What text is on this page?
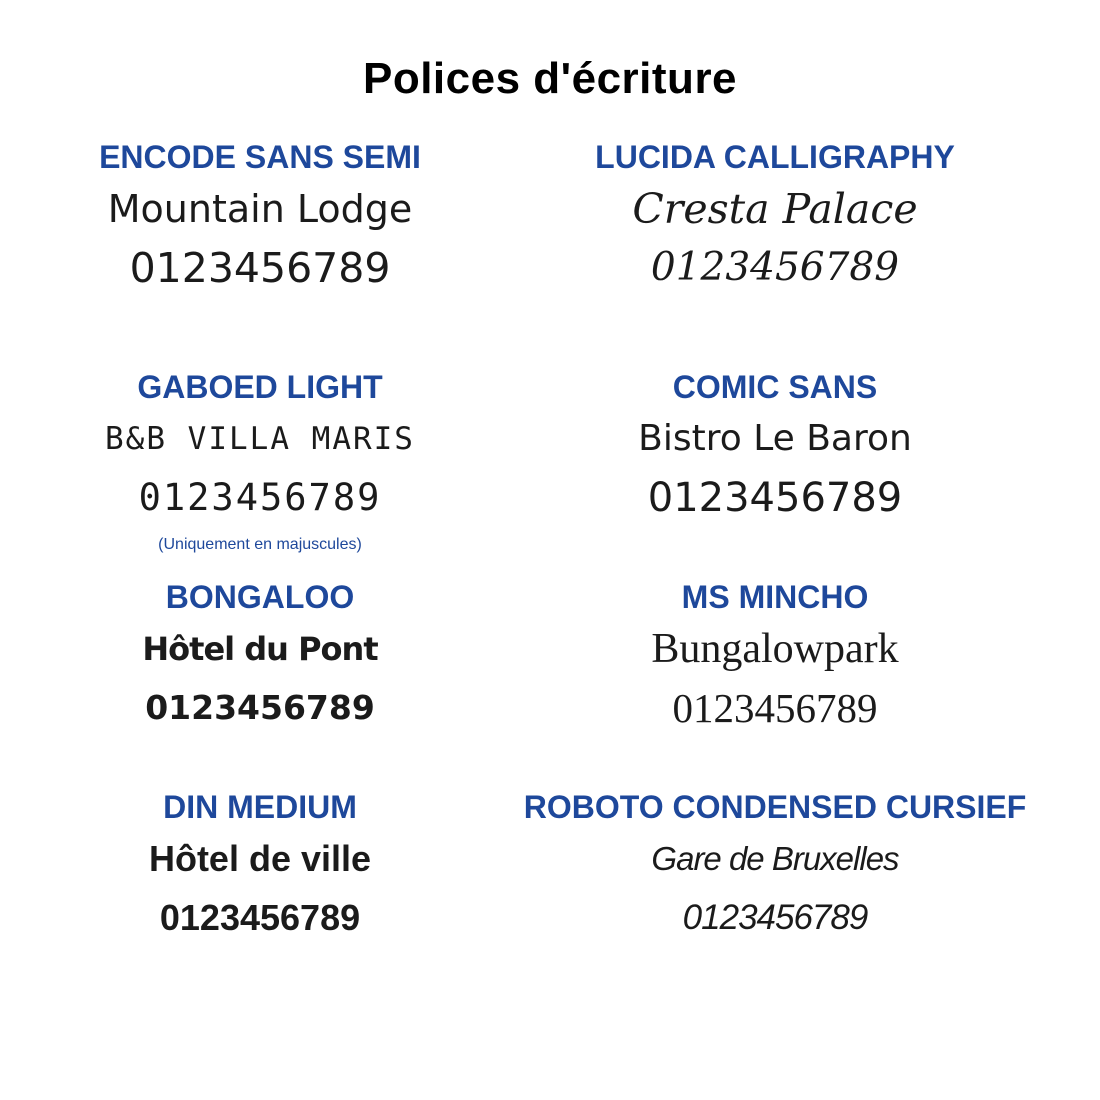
Polices d'écriture
ENCODE SANS SEMI
Mountain Lodge
0123456789
LUCIDA CALLIGRAPHY
Cresta Palace
0123456789
GABOED LIGHT
B&B VILLA MARIS
0123456789
(Uniquement en majuscules)
COMIC SANS
Bistro Le Baron
0123456789
BONGALOO
Hôtel du Pont
0123456789
MS MINCHO
Bungalowpark
0123456789
DIN MEDIUM
Hôtel de ville
0123456789
ROBOTO CONDENSED CURSIEF
Gare de Bruxelles
0123456789
